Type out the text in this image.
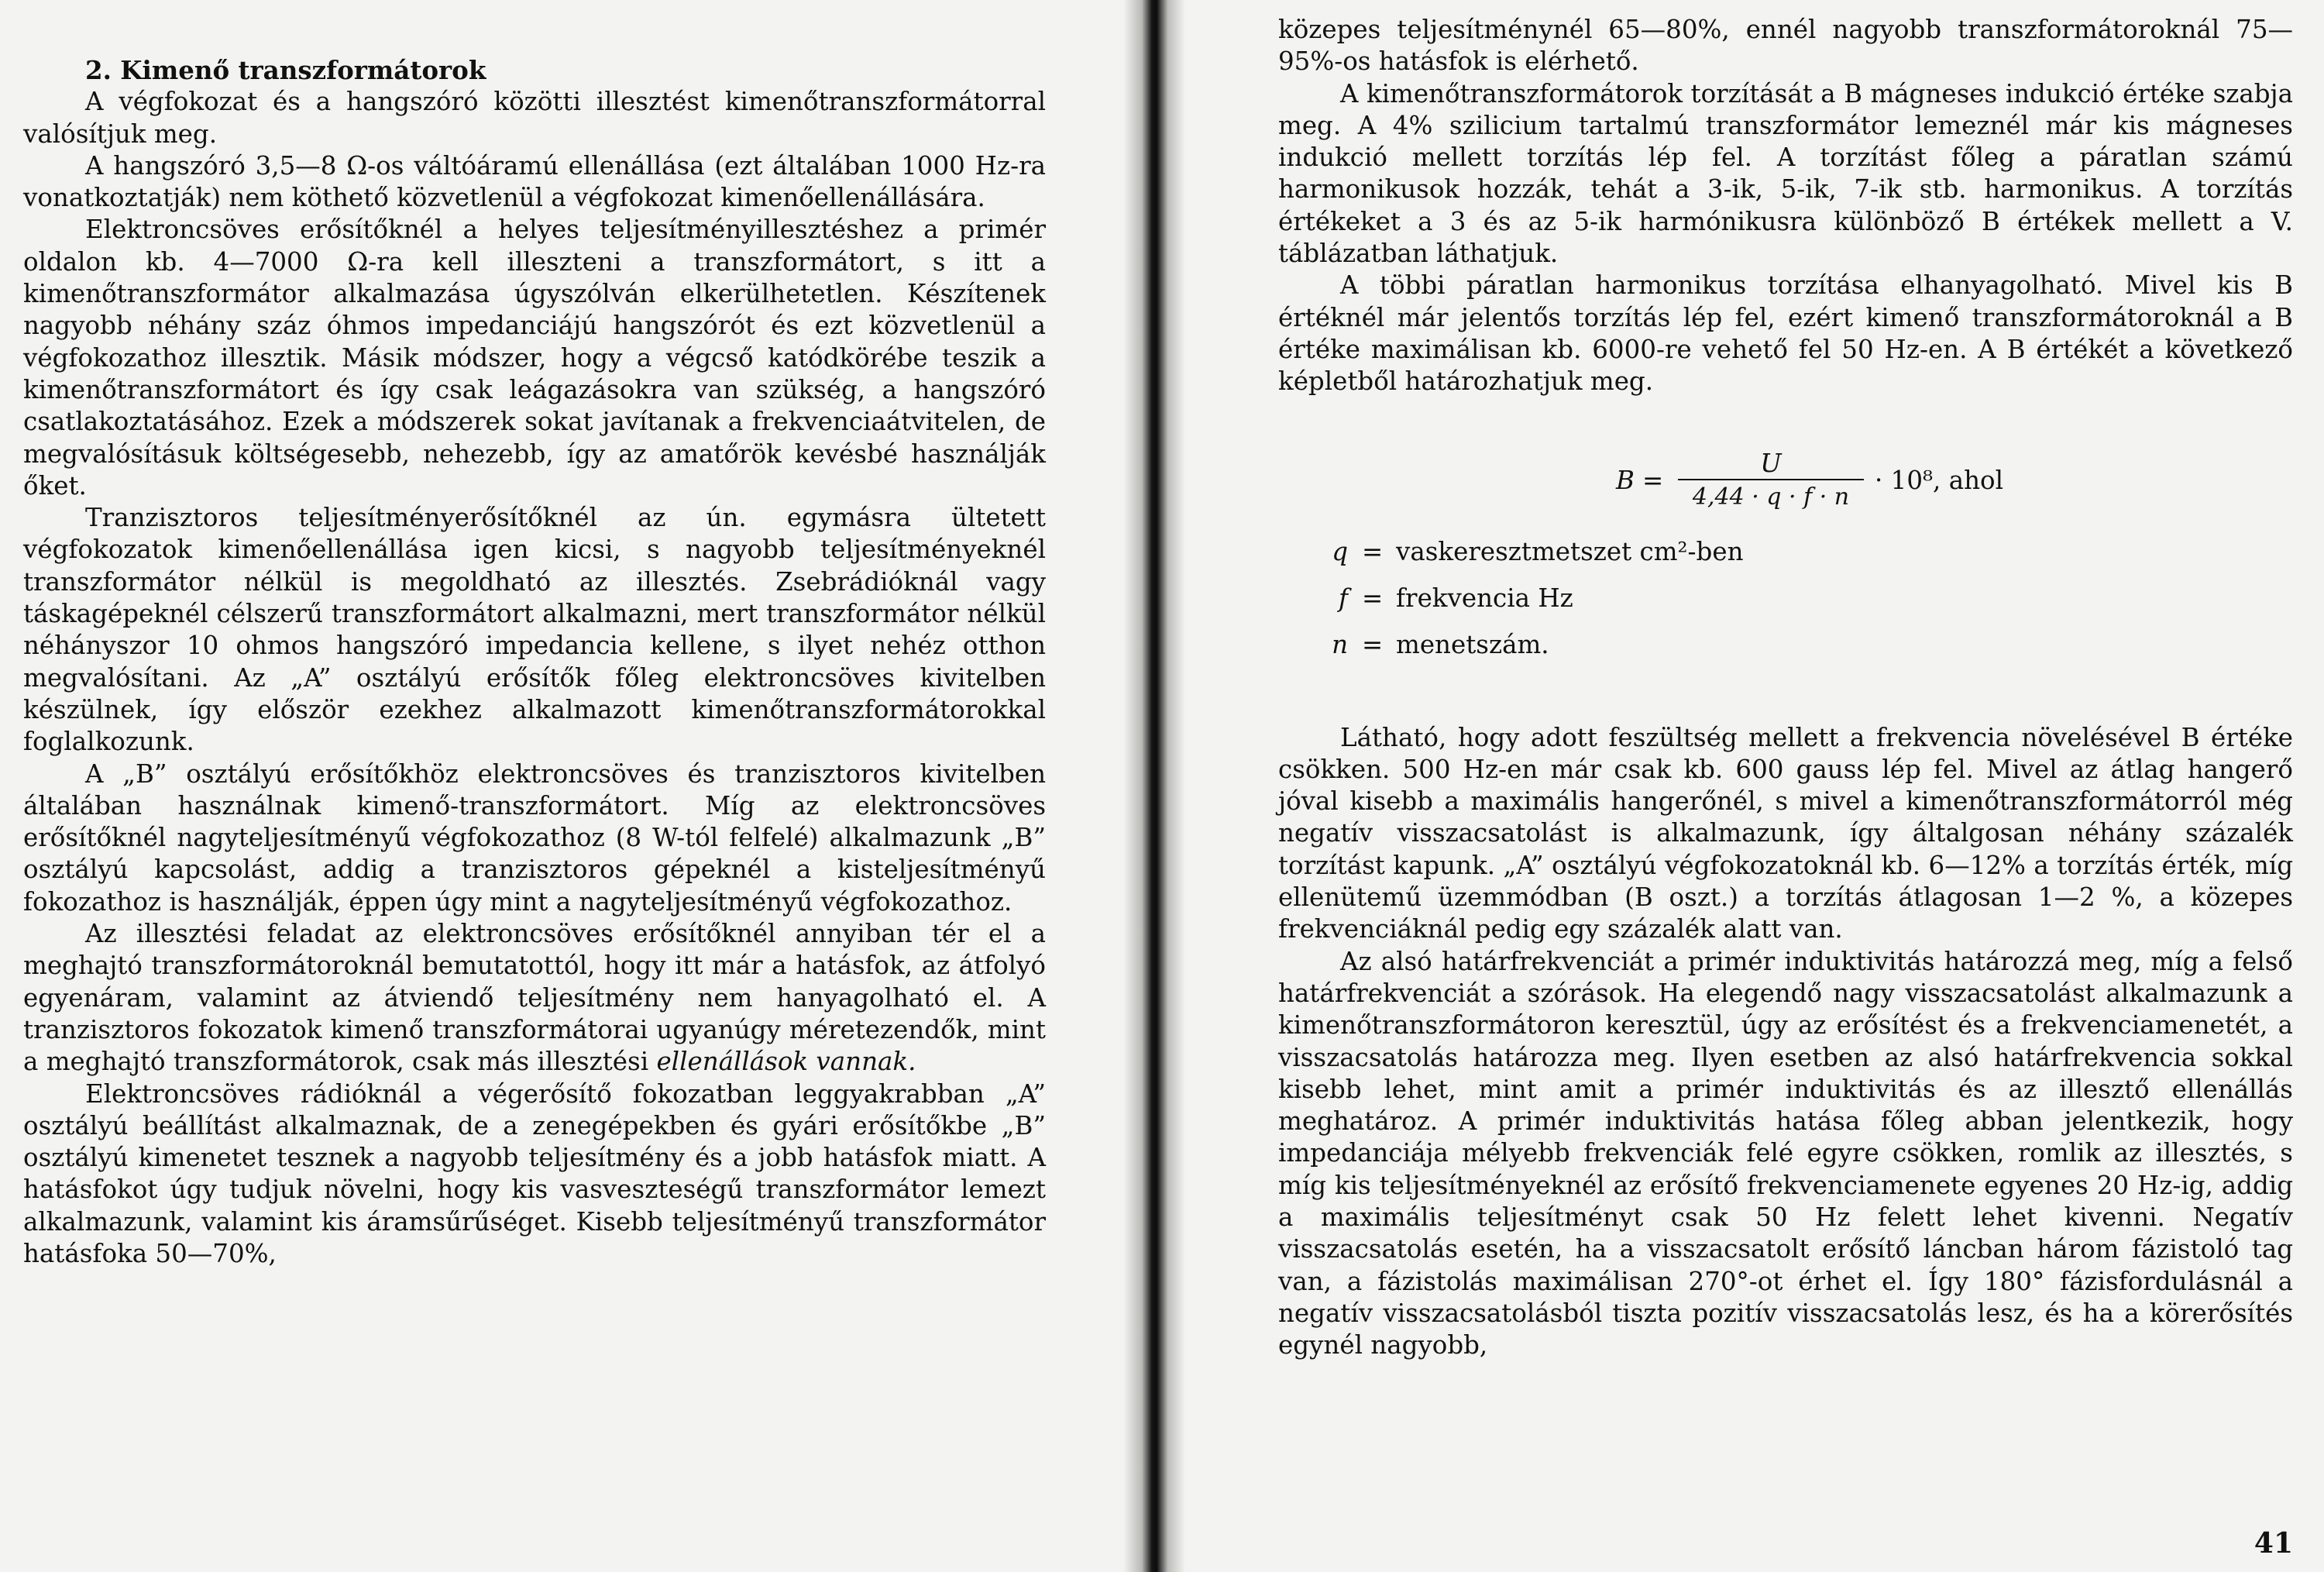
2. Kimenő transzformátorok

A végfokozat és a hangszóró közötti illesztést kimenőtranszformátorral valósítjuk meg.

A hangszóró 3,5—8 Ω-os váltóáramú ellenállása (ezt általában 1000 Hz-ra vonatkoztatják) nem köthető közvetlenül a végfokozat kimenőellenállására.

Elektroncsöves erősítőknél a helyes teljesítményillesztéshez a primér oldalon kb. 4—7000 Ω-ra kell illeszteni a transzformátort, s itt a kimenőtranszformátor alkalmazása úgyszólván elkerülhetetlen. Készítenek nagyobb néhány száz óhmos impedanciájú hangszórót és ezt közvetlenül a végfokozathoz illesztik. Másik módszer, hogy a végcső katódkörébe teszik a kimenőtranszformátort és így csak leágazásokra van szükség, a hangszóró csatlakoztatásához. Ezek a módszerek sokat javítanak a frekvenciaátvitelen, de megvalósításuk költségesebb, nehezebb, így az amatőrök kevésbé használják őket.

Tranzisztoros teljesítményerősítőknél az ún. egymásra ültetett végfokozatok kimenőellenállása igen kicsi, s nagyobb teljesítményeknél transzformátor nélkül is megoldható az illesztés. Zsebrádióknál vagy táskagépeknél célszerű transzformátort alkalmazni, mert transzformátor nélkül néhányszor 10 ohmos hangszóró impedancia kellene, s ilyet nehéz otthon megvalósítani. Az „A” osztályú erősítők főleg elektroncsöves kivitelben készülnek, így először ezekhez alkalmazott kimenőtranszformátorokkal foglalkozunk.

A „B” osztályú erősítőkhöz elektroncsöves és tranzisztoros kivitelben általában használnak kimenő-transzformátort. Míg az elektroncsöves erősítőknél nagyteljesítményű végfokozathoz (8 W-tól felfelé) alkalmazunk „B” osztályú kapcsolást, addig a tranzisztoros gépeknél a kisteljesítményű fokozathoz is használják, éppen úgy mint a nagyteljesítményű végfokozathoz.

Az illesztési feladat az elektroncsöves erősítőknél annyiban tér el a meghajtó transzformátoroknál bemutatottól, hogy itt már a hatásfok, az átfolyó egyenáram, valamint az átviendő teljesítmény nem hanyagolható el. A tranzisztoros fokozatok kimenő transzformátorai ugyanúgy méretezendők, mint a meghajtó transzformátorok, csak más illesztési ellenállások vannak.

Elektroncsöves rádióknál a végerősítő fokozatban leggyakrabban „A” osztályú beállítást alkalmaznak, de a zenegépekben és gyári erősítőkbe „B” osztályú kimenetet tesznek a nagyobb teljesítmény és a jobb hatásfok miatt. A hatásfokot úgy tudjuk növelni, hogy kis vasveszteségű transzformátor lemezt alkalmazunk, valamint kis áramsűrűséget. Kisebb teljesítményű transzformátor hatásfoka 50—70%,

közepes teljesítménynél 65—80%, ennél nagyobb transzformátoroknál 75—95%-os hatásfok is elérhető.

A kimenőtranszformátorok torzítását a B mágneses indukció értéke szabja meg. A 4% szilicium tartalmú transzformátor lemeznél már kis mágneses indukció mellett torzítás lép fel. A torzítást főleg a páratlan számú harmonikusok hozzák, tehát a 3-ik, 5-ik, 7-ik stb. harmonikus. A torzítás értékeket a 3 és az 5-ik harmónikusra különböző B értékek mellett a V. táblázatban láthatjuk.

A többi páratlan harmonikus torzítása elhanyagolható. Mivel kis B értéknél már jelentős torzítás lép fel, ezért kimenő transzformátoroknál a B értéke maximálisan kb. 6000-re vehető fel 50 Hz-en. A B értékét a következő képletből határozhatjuk meg.

$B = \frac{U}{4,44 \cdot q \cdot f \cdot n} \cdot 10^8$, ahol
q = vaskeresztmetszet cm²-ben
f = frekvencia Hz
n = menetszám.

Látható, hogy adott feszültség mellett a frekvencia növelésével B értéke csökken. 500 Hz-en már csak kb. 600 gauss lép fel. Mivel az átlag hangerő jóval kisebb a maximális hangerőnél, s mivel a kimenőtranszformátorról még negatív visszacsatolást is alkalmazunk, így általgosan néhány százalék torzítást kapunk. „A” osztályú végfokozatoknál kb. 6—12% a torzítás érték, míg ellenütemű üzemmódban (B oszt.) a torzítás átlagosan 1—2 %, a közepes frekvenciáknál pedig egy százalék alatt van.

Az alsó határfrekvenciát a primér induktivitás határozzá meg, míg a felső határfrekvenciát a szórások. Ha elegendő nagy visszacsatolást alkalmazunk a kimenőtranszformátoron keresztül, úgy az erősítést és a frekvenciamenetét, a visszacsatolás határozza meg. Ilyen esetben az alsó határfrekvencia sokkal kisebb lehet, mint amit a primér induktivitás és az illesztő ellenállás meghatároz. A primér induktivitás hatása főleg abban jelentkezik, hogy impedanciája mélyebb frekvenciák felé egyre csökken, romlik az illesztés, s míg kis teljesítményeknél az erősítő frekvenciamenete egyenes 20 Hz-ig, addig a maximális teljesítményt csak 50 Hz felett lehet kivenni. Negatív visszacsatolás esetén, ha a visszacsatolt erősítő láncban három fázistoló tag van, a fázistolás maximálisan 270°-ot érhet el. Így 180° fázisfordulásnál a negatív visszacsatolásból tiszta pozitív visszacsatolás lesz, és ha a körerősítés egynél nagyobb,

41
